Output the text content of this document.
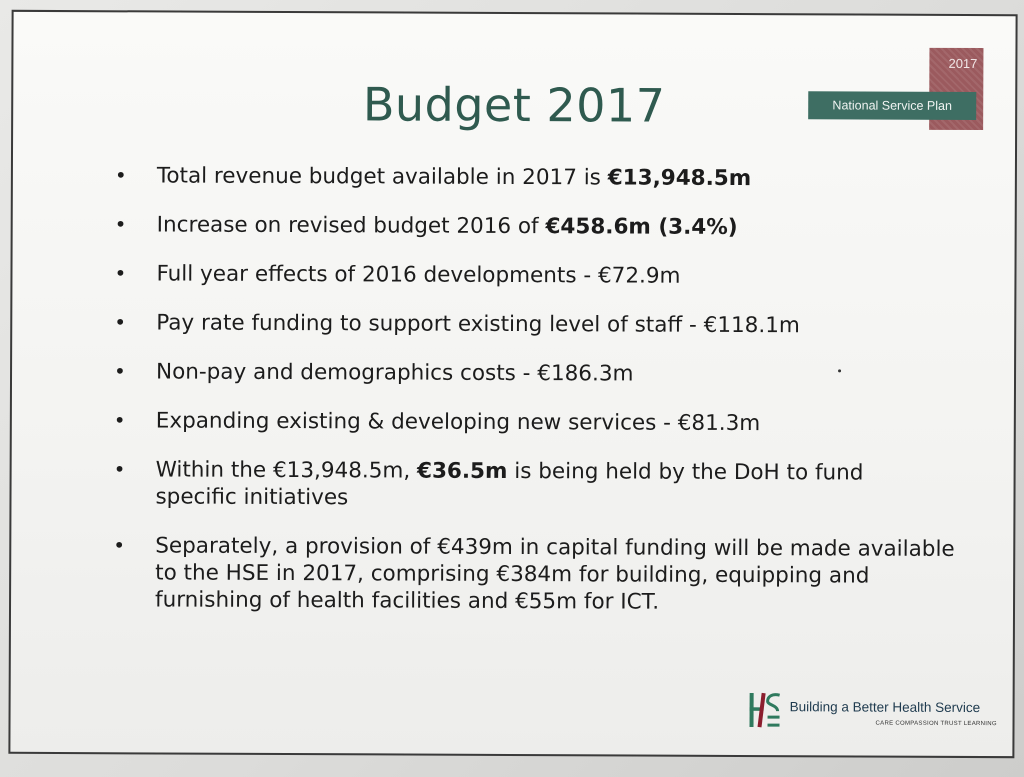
Budget 2017
2017
National Service Plan
• Total revenue budget available in 2017 is €13,948.5m
• Increase on revised budget 2016 of €458.6m (3.4%)
• Full year effects of 2016 developments - €72.9m
• Pay rate funding to support existing level of staff - €118.1m
• Non-pay and demographics costs - €186.3m
• Expanding existing & developing new services - €81.3m
• Within the €13,948.5m, €36.5m is being held by the DoH to fund specific initiatives
• Separately, a provision of €439m in capital funding will be made available to the HSE in 2017, comprising €384m for building, equipping and furnishing of health facilities and €55m for ICT.
Building a Better Health Service
CARE COMPASSION TRUST LEARNING
